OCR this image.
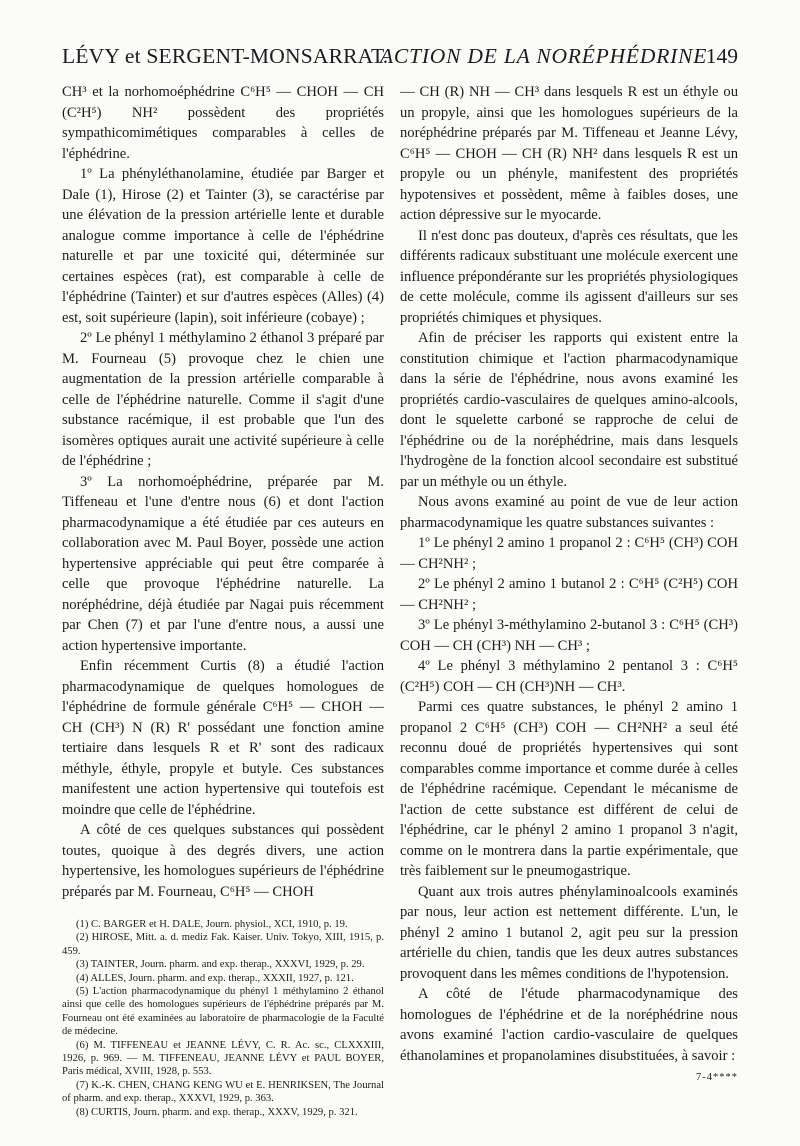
LÉVY et SERGENT-MONSARRAT.
ACTION DE LA NORÉPHÉDRINE
149

CH³ et la norhomoéphédrine C⁶H⁵ — CHOH — CH (C²H⁵) NH² possèdent des propriétés sympathicomimétiques comparables à celles de l'éphédrine.

1º La phényléthanolamine, étudiée par Barger et Dale (1), Hirose (2) et Tainter (3), se caractérise par une élévation de la pression artérielle lente et durable analogue comme importance à celle de l'éphédrine naturelle et par une toxicité qui, déterminée sur certaines espèces (rat), est comparable à celle de l'éphédrine (Tainter) et sur d'autres espèces (Alles) (4) est, soit supérieure (lapin), soit inférieure (cobaye) ;

2º Le phényl 1 méthylamino 2 éthanol 3 préparé par M. Fourneau (5) provoque chez le chien une augmentation de la pression artérielle comparable à celle de l'éphédrine naturelle. Comme il s'agit d'une substance racémique, il est probable que l'un des isomères optiques aurait une activité supérieure à celle de l'éphédrine ;

3º La norhomoéphédrine, préparée par M. Tiffeneau et l'une d'entre nous (6) et dont l'action pharmacodynamique a été étudiée par ces auteurs en collaboration avec M. Paul Boyer, possède une action hypertensive appréciable qui peut être comparée à celle que provoque l'éphédrine naturelle. La noréphédrine, déjà étudiée par Nagai puis récemment par Chen (7) et par l'une d'entre nous, a aussi une action hypertensive importante.

Enfin récemment Curtis (8) a étudié l'action pharmacodynamique de quelques homologues de l'éphédrine de formule générale C⁶H⁵ — CHOH — CH (CH³) N (R) R' possédant une fonction amine tertiaire dans lesquels R et R' sont des radicaux méthyle, éthyle, propyle et butyle. Ces substances manifestent une action hypertensive qui toutefois est moindre que celle de l'éphédrine.

A côté de ces quelques substances qui possèdent toutes, quoique à des degrés divers, une action hypertensive, les homologues supérieurs de l'éphédrine préparés par M. Fourneau, C⁶H⁵ — CHOH

(1) C. BARGER et H. DALE, Journ. physiol., XCI, 1910, p. 19.

(2) HIROSE, Mitt. a. d. mediz Fak. Kaiser. Univ. Tokyo, XIII, 1915, p. 459.

(3) TAINTER, Journ. pharm. and exp. therap., XXXVI, 1929, p. 29.

(4) ALLES, Journ. pharm. and exp. therap., XXXII, 1927, p. 121.

(5) L'action pharmacodynamique du phényl 1 méthylamino 2 éthanol ainsi que celle des homologues supérieurs de l'éphédrine préparés par M. Fourneau ont été examinées au laboratoire de pharmacologie de la Faculté de médecine.

(6) M. TIFFENEAU et JEANNE LÉVY, C. R. Ac. sc., CLXXXIII, 1926, p. 969. — M. TIFFENEAU, JEANNE LÉVY et PAUL BOYER, Paris médical, XVIII, 1928, p. 553.

(7) K.-K. CHEN, CHANG KENG WU et E. HENRIKSEN, The Journal of pharm. and exp. therap., XXXVI, 1929, p. 363.

(8) CURTIS, Journ. pharm. and exp. therap., XXXV, 1929, p. 321.

— CH (R) NH — CH³ dans lesquels R est un éthyle ou un propyle, ainsi que les homologues supérieurs de la noréphédrine préparés par M. Tiffeneau et Jeanne Lévy, C⁶H⁵ — CHOH — CH (R) NH² dans lesquels R est un propyle ou un phényle, manifestent des propriétés hypotensives et possèdent, même à faibles doses, une action dépressive sur le myocarde.

Il n'est donc pas douteux, d'après ces résultats, que les différents radicaux substituant une molécule exercent une influence prépondérante sur les propriétés physiologiques de cette molécule, comme ils agissent d'ailleurs sur ses propriétés chimiques et physiques.

Afin de préciser les rapports qui existent entre la constitution chimique et l'action pharmacodynamique dans la série de l'éphédrine, nous avons examiné les propriétés cardio-vasculaires de quelques amino-alcools, dont le squelette carboné se rapproche de celui de l'éphédrine ou de la noréphédrine, mais dans lesquels l'hydrogène de la fonction alcool secondaire est substitué par un méthyle ou un éthyle.

Nous avons examiné au point de vue de leur action pharmacodynamique les quatre substances suivantes :

1º Le phényl 2 amino 1 propanol 2 : C⁶H⁵ (CH³) COH — CH²NH² ;

2º Le phényl 2 amino 1 butanol 2 : C⁶H⁵ (C²H⁵) COH — CH²NH² ;

3º Le phényl 3-méthylamino 2-butanol 3 : C⁶H⁵ (CH³) COH — CH (CH³) NH — CH³ ;

4º Le phényl 3 méthylamino 2 pentanol 3 : C⁶H⁵ (C²H⁵) COH — CH (CH³)NH — CH³.

Parmi ces quatre substances, le phényl 2 amino 1 propanol 2 C⁶H⁵ (CH³) COH — CH²NH² a seul été reconnu doué de propriétés hypertensives qui sont comparables comme importance et comme durée à celles de l'éphédrine racémique. Cependant le mécanisme de l'action de cette substance est différent de celui de l'éphédrine, car le phényl 2 amino 1 propanol 3 n'agit, comme on le montrera dans la partie expérimentale, que très faiblement sur le pneumogastrique.

Quant aux trois autres phénylaminoalcools examinés par nous, leur action est nettement différente. L'un, le phényl 2 amino 1 butanol 2, agit peu sur la pression artérielle du chien, tandis que les deux autres substances provoquent dans les mêmes conditions de l'hypotension.

A côté de l'étude pharmacodynamique des homologues de l'éphédrine et de la noréphédrine nous avons examiné l'action cardio-vasculaire de quelques éthanolamines et propanolamines disubstituées, à savoir :

7-4****
